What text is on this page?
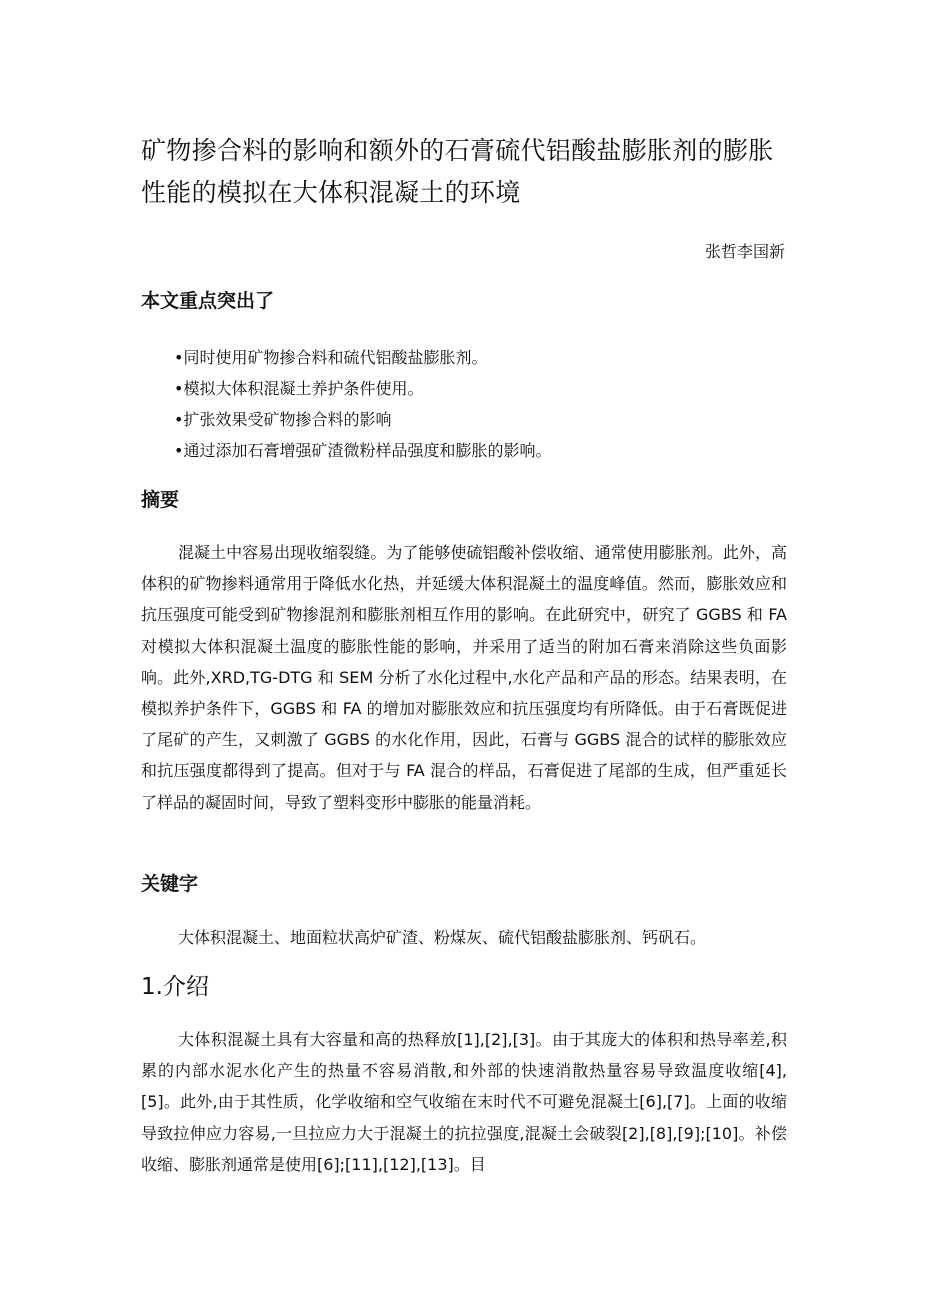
矿物掺合料的影响和额外的石膏硫代铝酸盐膨胀剂的膨胀性能的模拟在大体积混凝土的环境

张哲李国新

本文重点突出了
• 同时使用矿物掺合料和硫代铝酸盐膨胀剂。
• 模拟大体积混凝土养护条件使用。
• 扩张效果受矿物掺合料的影响
• 通过添加石膏增强矿渣微粉样品强度和膨胀的影响。
摘要

混凝土中容易出现收缩裂缝。为了能够使硫铝酸补偿收缩、通常使用膨胀剂。此外，高体积的矿物掺料通常用于降低水化热，并延缓大体积混凝土的温度峰值。然而，膨胀效应和抗压强度可能受到矿物掺混剂和膨胀剂相互作用的影响。在此研究中，研究了 GGBS 和 FA 对模拟大体积混凝土温度的膨胀性能的影响，并采用了适当的附加石膏来消除这些负面影响。此外,XRD,TG-DTG 和 SEM 分析了水化过程中,水化产品和产品的形态。结果表明，在模拟养护条件下，GGBS 和 FA 的增加对膨胀效应和抗压强度均有所降低。由于石膏既促进了尾矿的产生，又刺激了 GGBS 的水化作用，因此，石膏与 GGBS 混合的试样的膨胀效应和抗压强度都得到了提高。但对于与 FA 混合的样品，石膏促进了尾部的生成，但严重延长了样品的凝固时间，导致了塑料变形中膨胀的能量消耗。

关键字

大体积混凝土、地面粒状高炉矿渣、粉煤灰、硫代铝酸盐膨胀剂、钙矾石。

1.介绍

大体积混凝土具有大容量和高的热释放[1],[2],[3]。由于其庞大的体积和热导率差,积累的内部水泥水化产生的热量不容易消散,和外部的快速消散热量容易导致温度收缩[4],[5]。此外,由于其性质，化学收缩和空气收缩在末时代不可避免混凝土[6],[7]。上面的收缩导致拉伸应力容易,一旦拉应力大于混凝土的抗拉强度,混凝土会破裂[2],[8],[9];[10]。补偿收缩、膨胀剂通常是使用[6];[11],[12],[13]。目
